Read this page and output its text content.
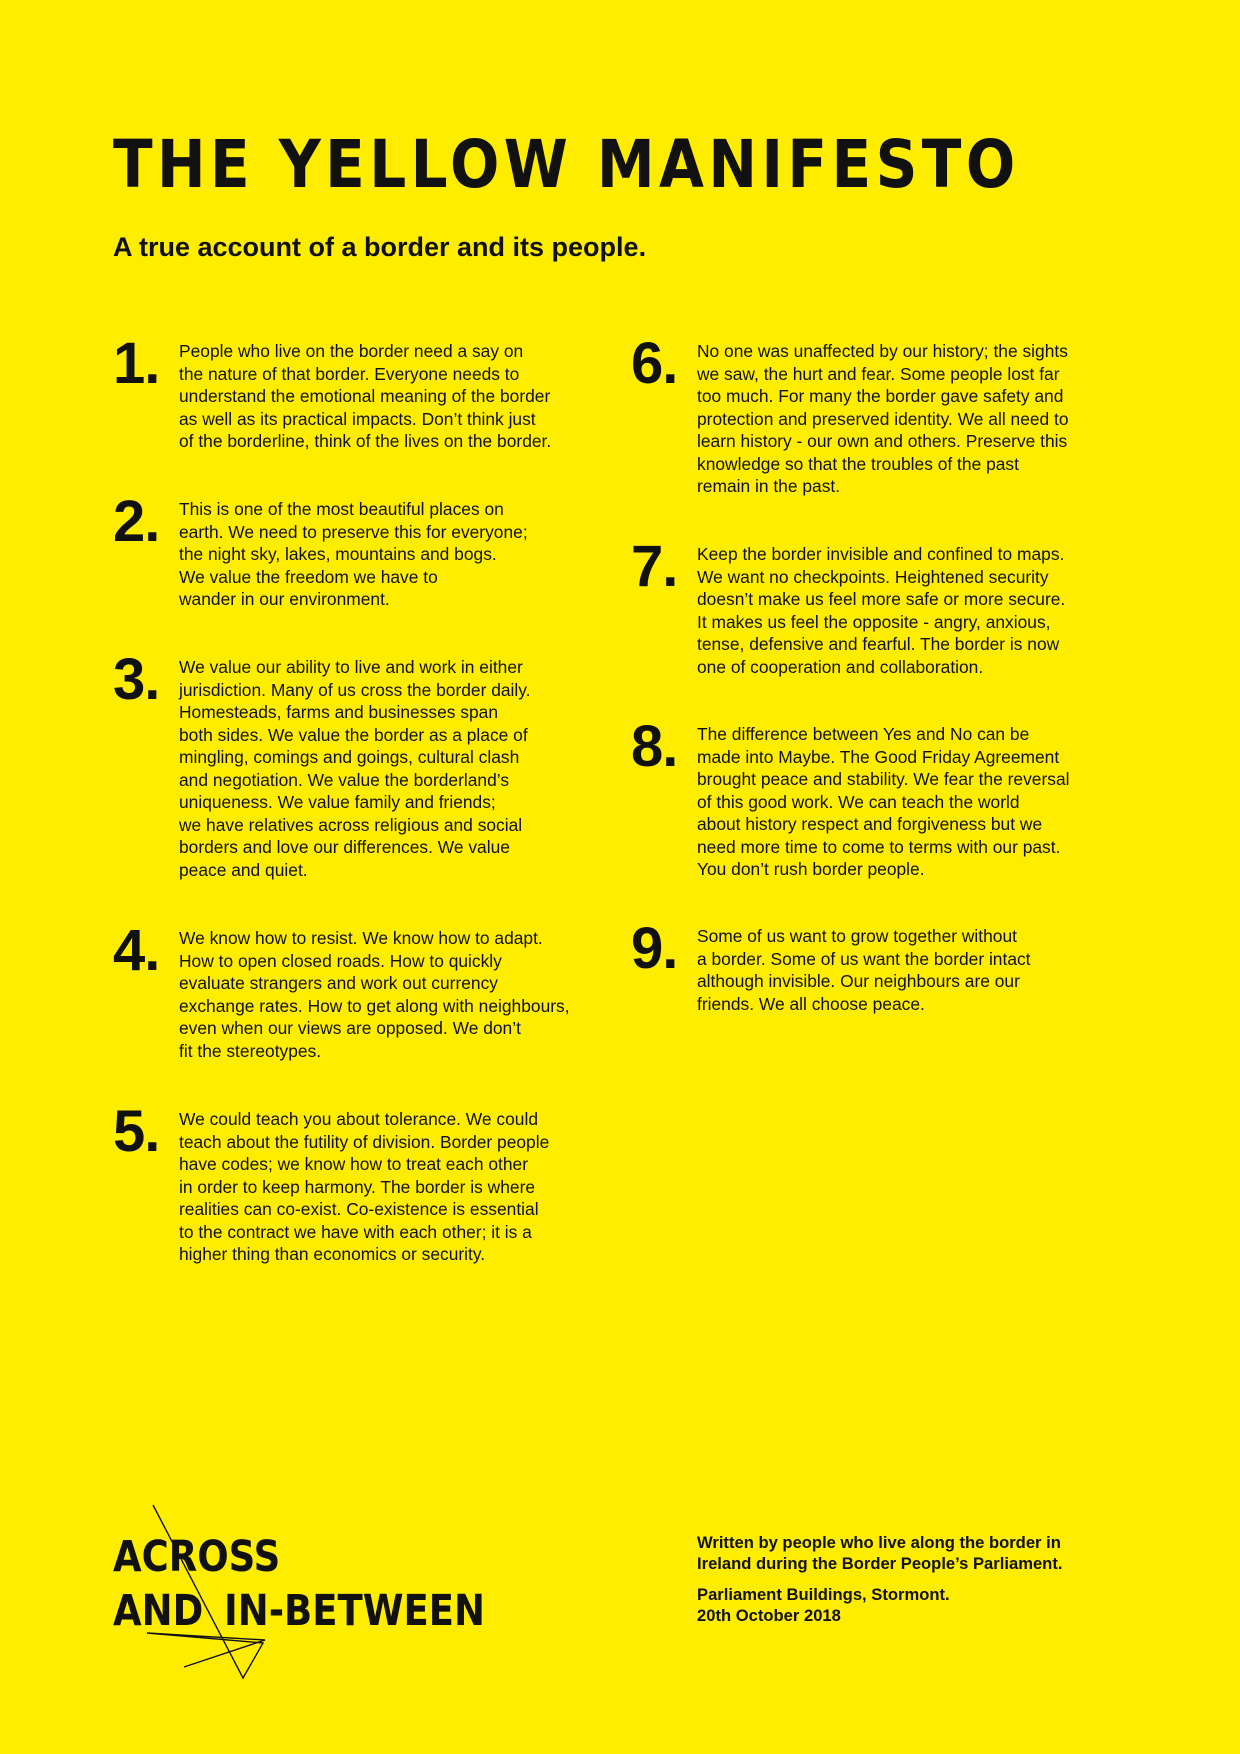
THE YELLOW MANIFESTO
A true account of a border and its people.
1. People who live on the border need a say on
the nature of that border. Everyone needs to
understand the emotional meaning of the border
as well as its practical impacts. Don’t think just
of the borderline, think of the lives on the border.

2. This is one of the most beautiful places on
earth. We need to preserve this for everyone;
the night sky, lakes, mountains and bogs.
We value the freedom we have to
wander in our environment.

3. We value our ability to live and work in either
jurisdiction. Many of us cross the border daily.
Homesteads, farms and businesses span
both sides. We value the border as a place of
mingling, comings and goings, cultural clash
and negotiation. We value the borderland’s
uniqueness. We value family and friends;
we have relatives across religious and social
borders and love our differences. We value
peace and quiet.

4. We know how to resist. We know how to adapt.
How to open closed roads. How to quickly
evaluate strangers and work out currency
exchange rates. How to get along with neighbours,
even when our views are opposed. We don’t
fit the stereotypes.

5. We could teach you about tolerance. We could
teach about the futility of division. Border people
have codes; we know how to treat each other
in order to keep harmony. The border is where
realities can co-exist. Co-existence is essential
to the contract we have with each other; it is a
higher thing than economics or security.

6. No one was unaffected by our history; the sights
we saw, the hurt and fear. Some people lost far
too much. For many the border gave safety and
protection and preserved identity. We all need to
learn history - our own and others. Preserve this
knowledge so that the troubles of the past
remain in the past.

7. Keep the border invisible and confined to maps.
We want no checkpoints. Heightened security
doesn’t make us feel more safe or more secure.
It makes us feel the opposite - angry, anxious,
tense, defensive and fearful. The border is now
one of cooperation and collaboration.

8. The difference between Yes and No can be
made into Maybe. The Good Friday Agreement
brought peace and stability. We fear the reversal
of this good work. We can teach the world
about history respect and forgiveness but we
need more time to come to terms with our past.
You don’t rush border people.

9. Some of us want to grow together without
a border. Some of us want the border intact
although invisible. Our neighbours are our
friends. We all choose peace.

ACROSS
AND IN-BETWEEN

Written by people who live along the border in
Ireland during the Border People’s Parliament.

Parliament Buildings, Stormont.
20th October 2018
